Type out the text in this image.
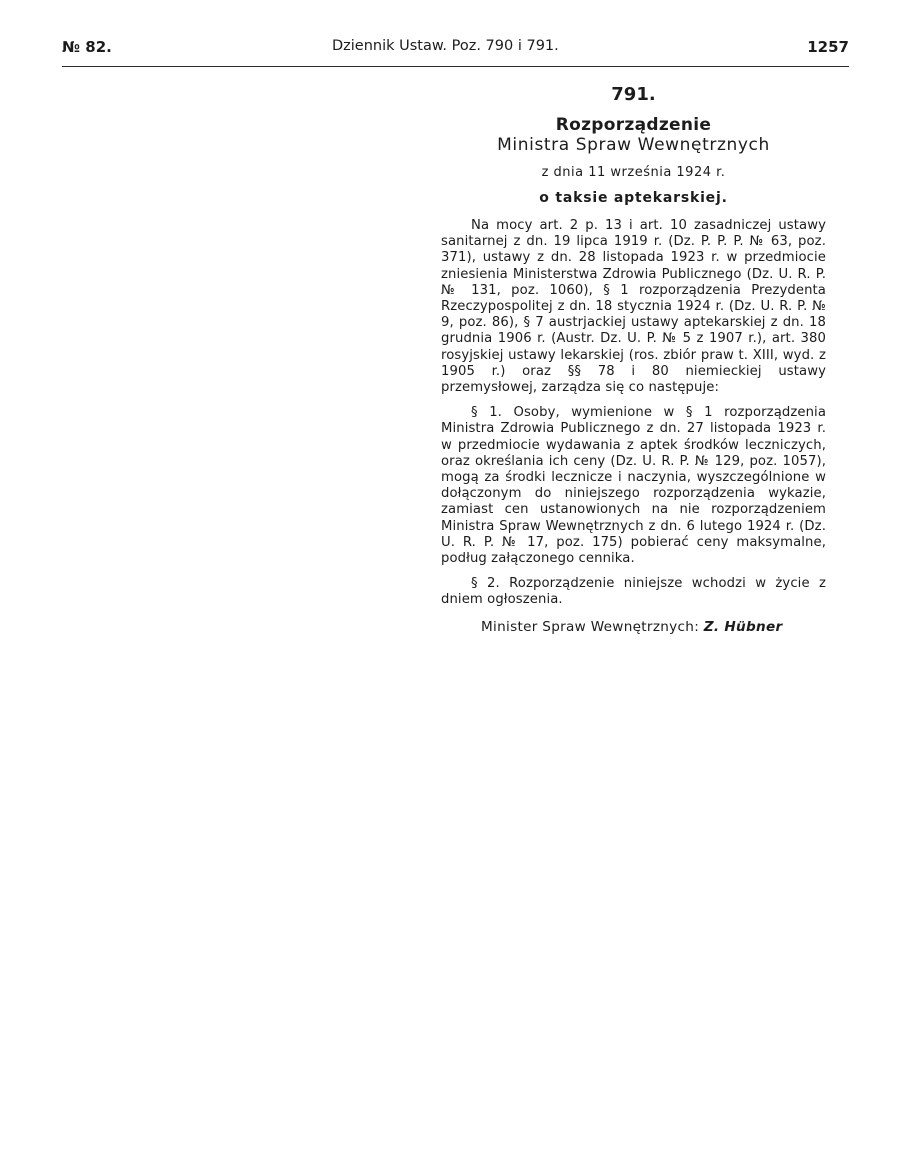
№ 82.	Dziennik Ustaw. Poz. 790 i 791.	1257
791.
Rozporządzenie
Ministra Spraw Wewnętrznych
z dnia 11 września 1924 r.
o taksie aptekarskiej.

Na mocy art. 2 p. 13 i art. 10 zasadniczej ustawy sanitarnej z dn. 19 lipca 1919 r. (Dz. P. P. P. № 63, poz. 371), ustawy z dn. 28 listopada 1923 r. w przedmiocie zniesienia Ministerstwa Zdrowia Publicznego (Dz. U. R. P. № 131, poz. 1060), § 1 rozporządzenia Prezydenta Rzeczypospolitej z dn. 18 stycznia 1924 r. (Dz. U. R. P. № 9, poz. 86), § 7 austrjackiej ustawy aptekarskiej z dn. 18 grudnia 1906 r. (Austr. Dz. U. P. № 5 z 1907 r.), art. 380 rosyjskiej ustawy lekarskiej (ros. zbiór praw t. XIII, wyd. z 1905 r.) oraz §§ 78 i 80 niemieckiej ustawy przemysłowej, zarządza się co następuje:

§ 1. Osoby, wymienione w § 1 rozporządzenia Ministra Zdrowia Publicznego z dn. 27 listopada 1923 r. w przedmiocie wydawania z aptek środków leczniczych, oraz określania ich ceny (Dz. U. R. P. № 129, poz. 1057), mogą za środki lecznicze i naczynia, wyszczególnione w dołączonym do niniejszego rozporządzenia wykazie, zamiast cen ustanowionych na nie rozporządzeniem Ministra Spraw Wewnętrznych z dn. 6 lutego 1924 r. (Dz. U. R. P. № 17, poz. 175) pobierać ceny maksymalne, podług załączonego cennika.

§ 2. Rozporządzenie niniejsze wchodzi w życie z dniem ogłoszenia.

Minister Spraw Wewnętrznych: Z. Hübner
